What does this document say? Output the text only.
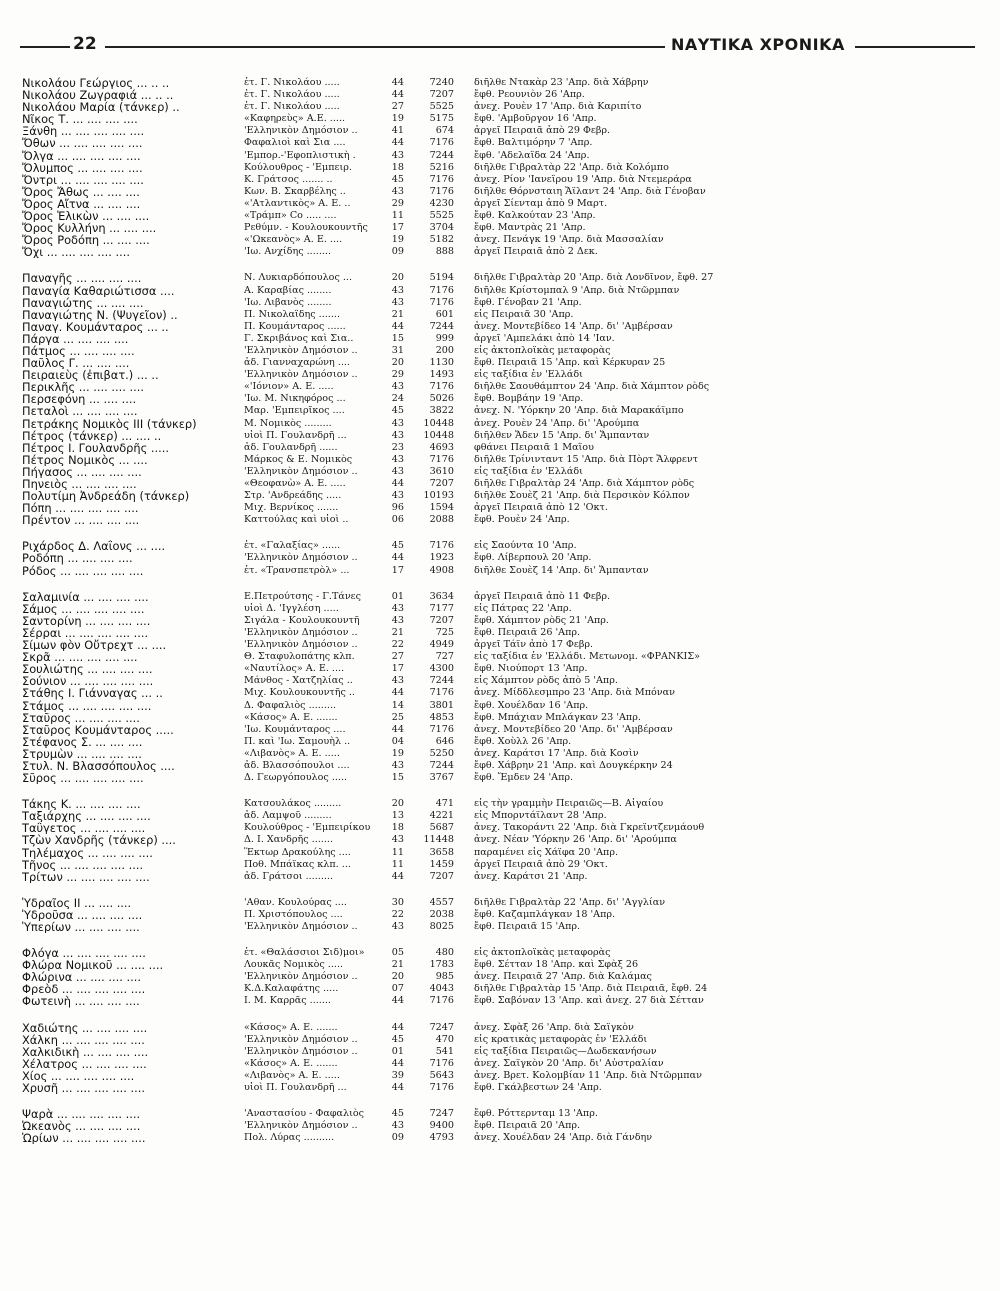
22	ΝΑΥΤΙΚΑ ΧΡΟΝΙΚΑ
Νικολάου Γεώργιος ... .. ..	ἐτ. Γ. Νικολάου .....	44	7240 διῆλθε Ντακὰρ 23 'Απρ. διὰ Χάβρην
Νικολάου Ζωγραφιά ... .. ..	ἐτ. Γ. Νικολάου .....	44	7207 ἔφθ. Ρεουνιὸν 26 'Απρ.
Νικολάου Μαρία (τάνκερ) ..	ἐτ. Γ. Νικολάου .....	27	5525 ἀνεχ. Ρουὲν 17 'Απρ. διὰ Καριπίτο
Νῖκος Τ. ... .... .... ....	«Καφηρεὺς» Α.Ε. .....	19	5175 ἔφθ. 'Αμβοῦργον 16 'Απρ.
Ξάνθη ... .... .... .... ....	'Ελληνικὸν Δημόσιον ..	41	674 ἀργεῖ Πειραιᾶ ἀπὸ 29 Φεβρ.
Ὄθων ... .... .... .... ....	Φαφαλιοὶ καὶ Σια ....	44	7176 ἔφθ. Βαλτιμόρην 7 'Απρ.
Ὄλγα ... .... .... .... ....	'Εμπορ.-'Εφοπλιστικὴ .	43	7244 ἔφθ. 'Αδελαΐδα 24 'Απρ.
Ὄλυμπος ... .... .... ....	Κούλουθρος - 'Εμπειρ.	18	5216 διῆλθε Γιβραλτὰρ 22 'Απρ. διὰ Κολόμπο
Ὄντρι ... .... .... .... ....	Κ. Γράτσος ....... ..	45	7176 ἀνεχ. Ρίον 'Ιανεΐρου 19 'Απρ. διὰ Ντεμεράρα
Ὄρος Ἄθως ... .... ....	Κων. Β. Σκαρβέλης ..	43	7176 διῆλθε Θόρνσταιη Ἄϊλαντ 24 'Απρ. διὰ Γένοβαν
Ὄρος Αἴτνα ... .... ....	«'Ατλαντικὸς» Α. Ε. ..	29	4230 ἀργεῖ Σίενταμ ἀπὸ 9 Μαρτ.
Ὄρος Ἑλικὼν ... .... ....	«Τράμπ» Co ..... ....	11	5525 ἔφθ. Καλκούταν 23 'Απρ.
Ὄρος Κυλλήνη ... .... ....	Ρεθύμν. - Κουλουκουντῆς	17	3704 ἔφθ. Μαντρὰς 21 'Απρ.
Ὄρος Ροδόπη ... .... ....	«'Ωκεανὸς» Α. Ε. ....	19	5182 ἀνεχ. Πενάγκ 19 'Απρ. διὰ Μασσαλίαν
Ὄχι ... .... .... .... ....	'Ιω. Ανχίδης ........	09	888 ἀργεῖ Πειραιᾶ ἀπὸ 2 Δεκ.
Παναγῆς ... .... .... ....	Ν. Λυκιαρδόπουλος ...	20	5194 διῆλθε Γιβραλτὰρ 20 'Απρ. διὰ Λονδῖνον, ἔφθ. 27
Παναγία Καθαριώτισσα ....	Α. Καραβίας ........	43	7176 διῆλθε Κρίστομπαλ 9 'Απρ. διὰ Ντῶρμπαν
Παναγιώτης ... .... ....	'Ιω. Λιβανὸς ........	43	7176 ἔφθ. Γένοβαν 21 'Απρ.
Παναγιώτης Ν. (Ψυγεῖον) ..	Π. Νικολαΐδης .......	21	601 εἰς Πειραιᾶ 30 'Απρ.
Παναγ. Κουμάνταρος ... ..	Π. Κουμάνταρος ......	44	7244 ἀνεχ. Μοντεβίδεο 14 'Απρ. δι' 'Αμβέρσαν
Πάργα ... .... .... ....	Γ. Σκριβάνος καὶ Σια..	15	999 ἀργεῖ 'Αμπελάκι ἀπὸ 14 'Ιαν.
Πάτμος ... .... .... ....	'Ελληνικὸν Δημόσιον ..	31	200 εἰς ἀκτοπλοϊκὰς μεταφορὰς
Παῦλος Γ. ... .... ....	ἀδ. Γιανναχαρώνη ....	20	1130 ἔφθ. Πειραιᾶ 15 'Απρ. καὶ Κέρκυραν 25
Πειραιεὺς (ἐπιβατ.) ... ..	'Ελληνικὸν Δημόσιον ..	29	1493 εἰς ταξίδια ἐν 'Ελλάδι
Περικλῆς ... .... .... ....	«'Ιόνιον» Α. Ε. .....	43	7176 διῆλθε Σαουθάμπτον 24 'Απρ. διὰ Χάμπτον ρὸδς
Περσεφόνη ... .... ....	'Ιω. Μ. Νικηφόρος ...	24	5026 ἔφθ. Βομβάην 19 'Απρ.
Πεταλοὶ ... .... .... ....	Μαρ. 'Εμπειρῖκος ....	45	3822 ἀνεχ. Ν. 'Υόρκην 20 'Απρ. διὰ Μαρακάϊμπο
Πετράκης Νομικὸς ΙΙΙ (τάνκερ)	Μ. Νομικὸς .........	43	10448 ἀνεχ. Ρουὲν 24 'Απρ. δι' 'Αρούμπα
Πέτρος (τάνκερ) ... .... ..	υἱοὶ Π. Γουλανδρῆ ...	43	10448 διῆλθεν Ἄδεν 15 'Απρ. δι' Ἄμπανταν
Πέτρος Ι. Γουλανδρῆς .....	ἀδ. Γουλανδρῆ ......	23	4693 φθάνει Πειραιᾶ 1 Μαΐου
Πέτρος Νομικὸς ... ....	Μάρκος & Ε. Νομικὸς	43	7176 διῆλθε Τρίνινταντ 15 'Απρ. διὰ Πὸρτ Ἄλφρεντ
Πήγασος ... .... .... ....	'Ελληνικὸν Δημόσιον ..	43	3610 εἰς ταξίδια ἐν 'Ελλάδι
Πηνειὸς ... .... .... ....	«Θεοφανὼ» Α. Ε. .....	44	7207 διῆλθε Γιβραλτὰρ 24 'Απρ. διὰ Χάμπτον ρὸδς
Πολυτίμη Ἀνδρεάδη (τάνκερ)	Στρ. 'Ανδρεάδης .....	43	10193 διῆλθε Σουὲζ 21 'Απρ. διὰ Περσικὸν Κόλπον
Πόπη ... .... .... .... ....	Μιχ. Βερνίκος .......	96	1594 ἀργεῖ Πειραιᾶ ἀπὸ 12 'Οκτ.
Πρέντον ... .... .... ....	Καττούλας καὶ υἱοὶ ..	06	2088 ἔφθ. Ρουὲν 24 'Απρ.
Ριχάρδος Δ. Λαΐονς ... ....	ἐτ. «Γαλαξίας» ......	45	7176 εἰς Σαούντα 10 'Απρ.
Ροδόπη ... .... .... ....	'Ελληνικὸν Δημόσιον ..	44	1923 ἔφθ. Λίβερπουλ 20 'Απρ.
Ρόδος ... .... .... .... ....	ἐτ. «Τρανσπετρὸλ» ...	17	4908 διῆλθε Σουὲζ 14 'Απρ. δι' Ἄμπανταν
Σαλαμινία ... .... .... ....	Ε.Πετρούτσης - Γ.Τάνες	01	3634 ἀργεῖ Πειραιᾶ ἀπὸ 11 Φεβρ.
Σάμος ... .... .... .... ....	υἱοὶ Δ. 'Ιγγλέση .....	43	7177 εἰς Πάτρας 22 'Απρ.
Σαντορίνη ... .... .... ....	Σιγάλα - Κουλουκουντῆ	43	7207 ἔφθ. Χάμπτον ρὸδς 21 'Απρ.
Σέρραι ... .... .... .... ....	'Ελληνικὸν Δημόσιον ..	21	725 ἔφθ. Πειραιᾶ 26 'Απρ.
Σίμων φὸν Οὔτρεχτ ... ....	'Ελληνικὸν Δημόσιον ..	22	4949 ἀργεῖ Τάϊν ἀπὸ 17 Φεβρ.
Σκρᾶ ... .... .... .... ....	Θ. Σταφυλοπάτης κλπ.	27	727 εἰς ταξίδια ἐν 'Ελλάδι. Μετωνομ. «ΦΡΑΝΚΙΣ»
Σουλιώτης ... .... .... ....	«Ναυτίλος» Α. Ε. ....	17	4300 ἔφθ. Νιούπορτ 13 'Απρ.
Σούνιον ... .... .... .... ....	Μάνθος - Χατζηλίας ..	43	7244 εἰς Χάμπτον ρὸδς ἀπὸ 5 'Απρ.
Στάθης Ι. Γιάνναγας ... ..	Μιχ. Κουλουκουντῆς ..	44	7176 ἀνεχ. Μίδδλεσμπρο 23 'Απρ. διὰ Μπόναν
Στάμος ... .... .... .... ....	Δ. Φαφαλιὸς .........	14	3801 ἔφθ. Χουέλδαν 16 'Απρ.
Σταῦρος ... .... .... ....	«Κάσος» Α. Ε. .......	25	4853 ἔφθ. Μπάχιαν Μπλάγκαν 23 'Απρ.
Σταῦρος Κουμάνταρος .....	'Ιω. Κουμάνταρος ....	44	7176 ἀνεχ. Μοντεβίδεο 20 'Απρ. δι' 'Αμβέρσαν
Στέφανος Σ. ... .... ....	Π. καὶ 'Ιω. Σαμουὴλ ..	04	646 ἔφθ. Χοὺλλ 26 'Απρ.
Στρυμὼν ... .... .... ....	«Λιβανὸς» Α. Ε. .....	19	5250 ἀνεχ. Καράτσι 17 'Απρ. διὰ Κοσὶν
Στυλ. Ν. Βλασσόπουλος ....	ἀδ. Βλασσόπουλοι ....	43	7244 ἔφθ. Χάβρην 21 'Απρ. καὶ Δουγκέρκην 24
Σῦρος ... .... .... .... ....	Δ. Γεωργόπουλος .....	15	3767 ἔφθ. Ἔμδεν 24 'Απρ.
Τάκης Κ. ... .... .... ....	Κατσουλάκος .........	20	471 εἰς τὴν γραμμὴν Πειραιῶς—Β. Αἰγαίου
Ταξιάρχης ... .... .... ....	ἀδ. Λαμψοῦ .........	13	4221 εἰς Μπορντάϊλαντ 28 'Απρ.
Ταΰγετος ... .... .... ....	Κουλούθρος - 'Εμπειρίκου	18	5687 ἀνεχ. Τακοράντι 22 'Απρ. διὰ Γκρεϊντζενμάουθ
Τζὼν Χανδρῆς (τάνκερ) ....	Δ. Ι. Χανδρῆς .......	43	11448 ἀνεχ. Νέαν 'Υόρκην 26 'Απρ. δι' 'Αρούμπα
Τηλέμαχος ... .... .... ....	Ἕκτωρ Δρακούλης ....	11	3658 παραμένει εἰς Χάϊφα 20 'Απρ.
Τῆνος ... .... .... .... ....	Ποθ. Μπάϊκας κλπ. ...	11	1459 ἀργεῖ Πειραιᾶ ἀπὸ 29 'Οκτ.
Τρίτων ... .... .... .... ....	ἀδ. Γράτσοι .........	44	7207 ἀνεχ. Καράτσι 21 'Απρ.
Ὑδραῖος ΙΙ ... .... ....	'Αθαν. Κουλούρας ....	30	4557 διῆλθε Γιβραλτὰρ 22 'Απρ. δι' 'Αγγλίαν
Ὑδροῦσα ... .... .... ....	Π. Χριστόπουλος ....	22	2038 ἔφθ. Καζαμπλάγκαν 18 'Απρ.
Ὑπερίων ... .... .... ....	'Ελληνικὸν Δημόσιον ..	43	8025 ἔφθ. Πειραιᾶ 15 'Απρ.
Φλόγα ... .... .... .... ....	ἐτ. «Θαλάσσιοι Σιδ)μοι»	05	480 εἰς ἀκτοπλοϊκὰς μεταφορὰς
Φλώρα Νομικοῦ ... .... ....	Λουκᾶς Νομικὸς .....	21	1783 ἔφθ. Σέτταν 18 'Απρ. καὶ Σφὰξ 26
Φλώρινα ... .... .... ....	'Ελληνικὸν Δημόσιον ..	20	985 ἀνεχ. Πειραιᾶ 27 'Απρ. διὰ Καλάμας
Φρεὸδ ... .... .... .... ....	Κ.Δ.Καλαφάτης .....	07	4043 διῆλθε Γιβραλτὰρ 15 'Απρ. διὰ Πειραιᾶ, ἔφθ. 24
Φωτεινὴ ... .... .... ....	Ι. Μ. Καρρᾶς .......	44	7176 ἔφθ. Σαβόναν 13 'Απρ. καὶ ἀνεχ. 27 διὰ Σέτταν
Χαδιώτης ... .... .... ....	«Κάσος» Α. Ε. .......	44	7247 ἀνεχ. Σφὰξ 26 'Απρ. διὰ Σαϊγκὸν
Χάλκη ... .... .... .... ....	'Ελληνικὸν Δημόσιον ..	45	470 εἰς κρατικὰς μεταφορὰς ἐν 'Ελλάδι
Χαλκιδικὴ ... .... .... ....	'Ελληνικὸν Δημόσιον ..	01	541 εἰς ταξίδια Πειραιῶς—Δωδεκανήσων
Χέλατρος ... .... .... ....	«Κάσος» Α. Ε. .......	44	7176 ἀνεχ. Σαϊγκὸν 20 'Απρ. δι' Αὐστραλίαν
Χίος ... .... .... .... ....	«Λιβανὸς» Α. Ε. .....	39	5643 ἀνεχ. Βρετ. Κολομβίαν 11 'Απρ. διὰ Ντῶρμπαν
Χρυσῆ ... .... .... .... ....	υἱοὶ Π. Γουλανδρῆ ...	44	7176 ἔφθ. Γκάλβεστων 24 'Απρ.
Ψαρὰ ... .... .... .... ....	'Αναστασίου - Φαφαλιὸς	45	7247 ἔφθ. Ρόττερνταμ 13 'Απρ.
Ὠκεανὸς ... .... .... ....	'Ελληνικὸν Δημόσιον ..	43	9400 ἔφθ. Πειραιᾶ 20 'Απρ.
Ὡρίων ... .... .... .... ....	Πολ. Λύρας ..........	09	4793 ἀνεχ. Χουέλδαν 24 'Απρ. διὰ Γάνδην
